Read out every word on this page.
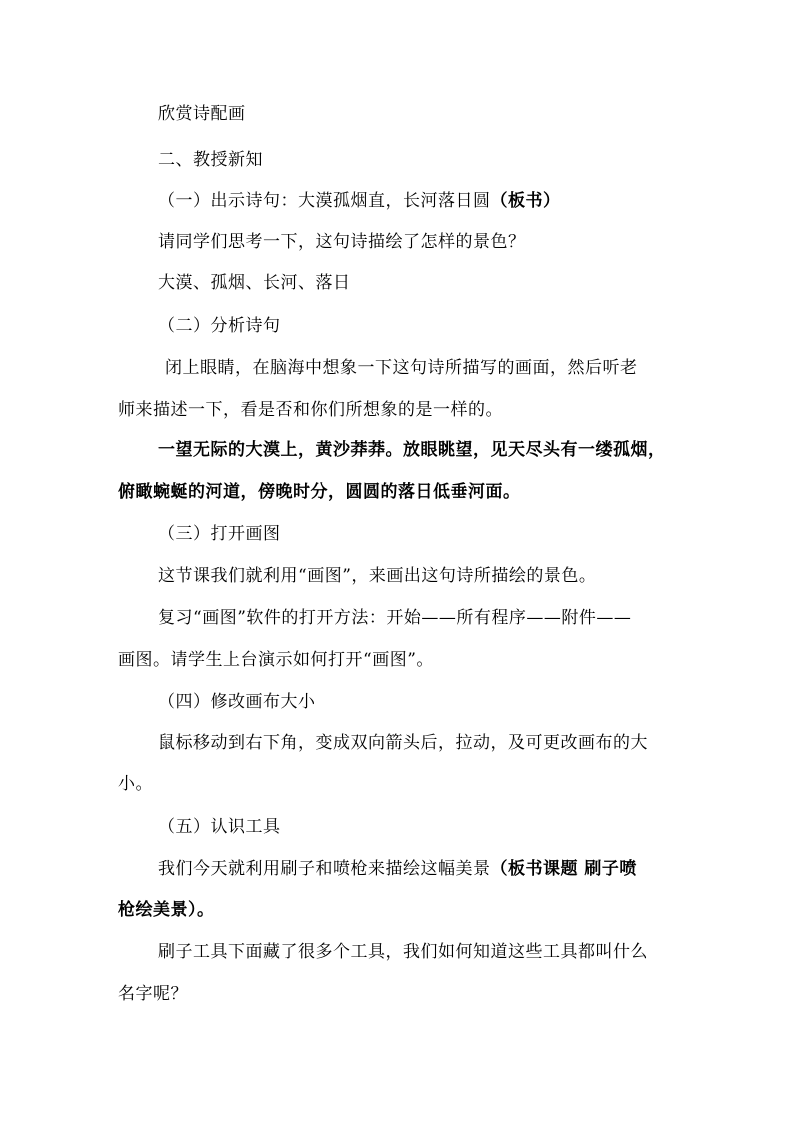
欣赏诗配画
二、教授新知
（一）出示诗句：大漠孤烟直，长河落日圆（板书）
请同学们思考一下，这句诗描绘了怎样的景色？
大漠、孤烟、长河、落日
（二）分析诗句
闭上眼睛，在脑海中想象一下这句诗所描写的画面，然后听老
师来描述一下，看是否和你们所想象的是一样的。
一望无际的大漠上，黄沙莽莽。放眼眺望，见天尽头有一缕孤烟，
俯瞰蜿蜒的河道，傍晚时分，圆圆的落日低垂河面。
（三）打开画图
这节课我们就利用“画图”，来画出这句诗所描绘的景色。
复习“画图”软件的打开方法：开始——所有程序——附件——
画图。请学生上台演示如何打开“画图”。
（四）修改画布大小
鼠标移动到右下角，变成双向箭头后，拉动，及可更改画布的大
小。
（五）认识工具
我们今天就利用刷子和喷枪来描绘这幅美景（板书课题 刷子喷
枪绘美景）。
刷子工具下面藏了很多个工具，我们如何知道这些工具都叫什么
名字呢？
